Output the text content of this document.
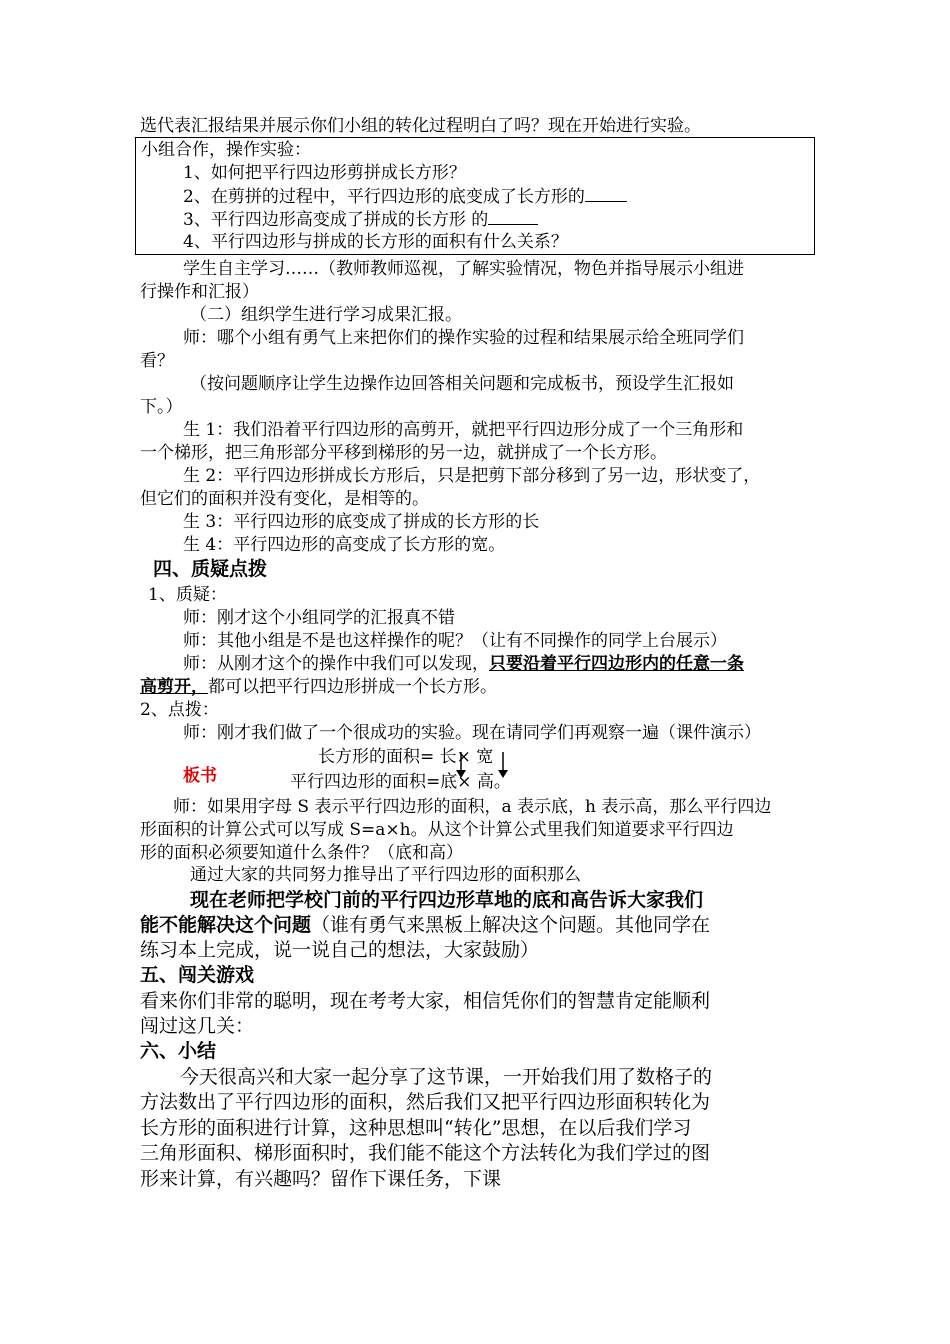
选代表汇报结果并展示你们小组的转化过程明白了吗？现在开始进行实验。
小组合作，操作实验：
1、如何把平行四边形剪拼成长方形？
2、在剪拼的过程中，平行四边形的底变成了长方形的
3、平行四边形高变成了拼成的长方形 的
4、平行四边形与拼成的长方形的面积有什么关系？
学生自主学习……（教师教师巡视，了解实验情况，物色并指导展示小组进
行操作和汇报）
（二）组织学生进行学习成果汇报。
师：哪个小组有勇气上来把你们的操作实验的过程和结果展示给全班同学们
看？
（按问题顺序让学生边操作边回答相关问题和完成板书，预设学生汇报如
下。）
生 1：我们沿着平行四边形的高剪开，就把平行四边形分成了一个三角形和
一个梯形，把三角形部分平移到梯形的另一边，就拼成了一个长方形。
生 2：平行四边形拼成长方形后，只是把剪下部分移到了另一边，形状变了，
但它们的面积并没有变化，是相等的。
生 3：平行四边形的底变成了拼成的长方形的长
生 4：平行四边形的高变成了长方形的宽。
四、质疑点拨
1、质疑：
师：刚才这个小组同学的汇报真不错
师：其他小组是不是也这样操作的呢？（让有不同操作的同学上台展示）
师：从刚才这个的操作中我们可以发现，只要沿着平行四边形内的任意一条
高剪开，都可以把平行四边形拼成一个长方形。
2、点拨：
师：刚才我们做了一个很成功的实验。现在请同学们再观察一遍（课件演示）
长方形的面积= 长× 宽
板书	平行四边形的面积=底× 高。
师：如果用字母 S 表示平行四边形的面积，a 表示底，h 表示高，那么平行四边
形面积的计算公式可以写成 S=a×h。从这个计算公式里我们知道要求平行四边
形的面积必须要知道什么条件？（底和高）
通过大家的共同努力推导出了平行四边形的面积那么
现在老师把学校门前的平行四边形草地的底和高告诉大家我们
能不能解决这个问题（谁有勇气来黑板上解决这个问题。其他同学在
练习本上完成，说一说自己的想法，大家鼓励）
五、闯关游戏
看来你们非常的聪明，现在考考大家，相信凭你们的智慧肯定能顺利
闯过这几关：
六、小结
今天很高兴和大家一起分享了这节课，一开始我们用了数格子的
方法数出了平行四边形的面积，然后我们又把平行四边形面积转化为
长方形的面积进行计算，这种思想叫“转化”思想，在以后我们学习
三角形面积、梯形面积时，我们能不能这个方法转化为我们学过的图
形来计算，有兴趣吗？留作下课任务，下课
